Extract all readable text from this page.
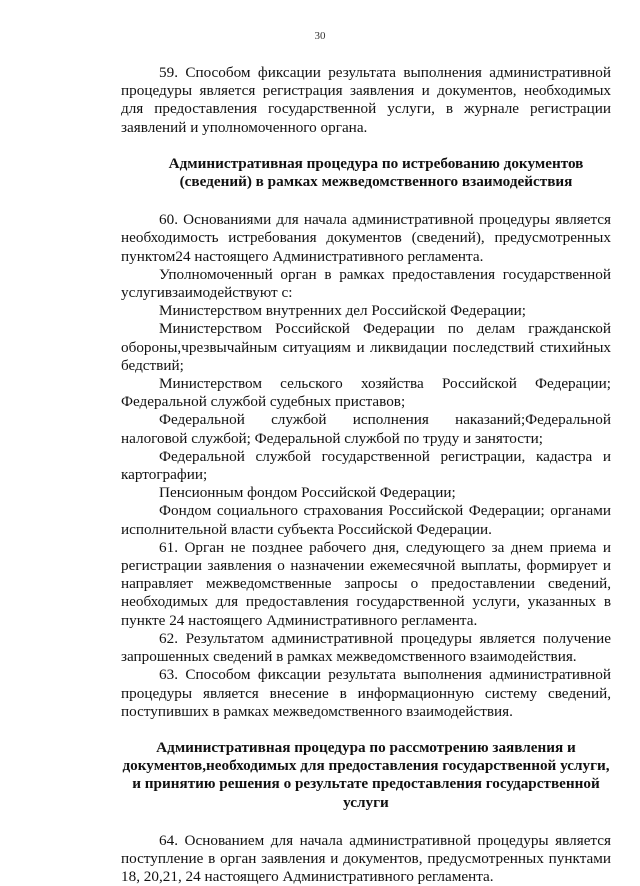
30

59. Способом фиксации результата выполнения административной процедуры является регистрация заявления и документов, необходимых для предоставления государственной услуги, в журнале регистрации заявлений и уполномоченного органа.

Административная процедура по истребованию документов (сведений) в рамках межведомственного взаимодействия

60. Основаниями для начала административной процедуры является необходимость истребования документов (сведений), предусмотренных пунктом24 настоящего Административного регламента.

Уполномоченный орган в рамках предоставления государственной услугивзаимодействуют с:

Министерством внутренних дел Российской Федерации;

Министерством Российской Федерации по делам гражданской обороны,чрезвычайным ситуациям и ликвидации последствий стихийных бедствий;

Министерством сельского хозяйства Российской Федерации; Федеральной службой судебных приставов;

Федеральной службой исполнения наказаний;Федеральной налоговой службой; Федеральной службой по труду и занятости;

Федеральной службой государственной регистрации, кадастра и картографии;

Пенсионным фондом Российской Федерации;

Фондом социального страхования Российской Федерации; органами исполнительной власти субъекта Российской Федерации.

61. Орган не позднее рабочего дня, следующего за днем приема и регистрации заявления о назначении ежемесячной выплаты, формирует и направляет межведомственные запросы о предоставлении сведений, необходимых для предоставления государственной услуги, указанных в пункте 24 настоящего Административного регламента.

62. Результатом административной процедуры является получение запрошенных сведений в рамках межведомственного взаимодействия.

63. Способом фиксации результата выполнения административной процедуры является внесение в информационную систему сведений, поступивших в рамках межведомственного взаимодействия.

Административная процедура по рассмотрению заявления и документов,необходимых для предоставления государственной услуги, и принятию решения о результате предоставления государственной услуги

64. Основанием для начала административной процедуры является поступление в орган заявления и документов, предусмотренных пунктами 18, 20,21, 24 настоящего Административного регламента.
